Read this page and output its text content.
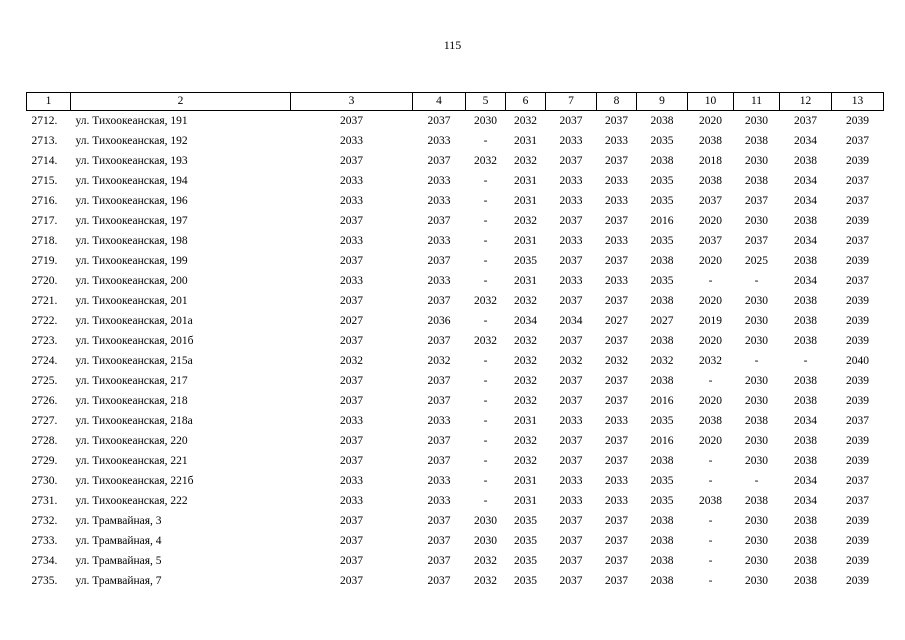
115
1	2	3	4	5	6	7	8	9	10	11	12	13
2712.	ул. Тихоокеанская, 191	2037	2037	2030	2032	2037	2037	2038	2020	2030	2037	2039
2713.	ул. Тихоокеанская, 192	2033	2033	-	2031	2033	2033	2035	2038	2038	2034	2037
2714.	ул. Тихоокеанская, 193	2037	2037	2032	2032	2037	2037	2038	2018	2030	2038	2039
2715.	ул. Тихоокеанская, 194	2033	2033	-	2031	2033	2033	2035	2038	2038	2034	2037
2716.	ул. Тихоокеанская, 196	2033	2033	-	2031	2033	2033	2035	2037	2037	2034	2037
2717.	ул. Тихоокеанская, 197	2037	2037	-	2032	2037	2037	2016	2020	2030	2038	2039
2718.	ул. Тихоокеанская, 198	2033	2033	-	2031	2033	2033	2035	2037	2037	2034	2037
2719.	ул. Тихоокеанская, 199	2037	2037	-	2035	2037	2037	2038	2020	2025	2038	2039
2720.	ул. Тихоокеанская, 200	2033	2033	-	2031	2033	2033	2035	-	-	2034	2037
2721.	ул. Тихоокеанская, 201	2037	2037	2032	2032	2037	2037	2038	2020	2030	2038	2039
2722.	ул. Тихоокеанская, 201а	2027	2036	-	2034	2034	2027	2027	2019	2030	2038	2039
2723.	ул. Тихоокеанская, 201б	2037	2037	2032	2032	2037	2037	2038	2020	2030	2038	2039
2724.	ул. Тихоокеанская, 215а	2032	2032	-	2032	2032	2032	2032	2032	-	-	2040
2725.	ул. Тихоокеанская, 217	2037	2037	-	2032	2037	2037	2038	-	2030	2038	2039
2726.	ул. Тихоокеанская, 218	2037	2037	-	2032	2037	2037	2016	2020	2030	2038	2039
2727.	ул. Тихоокеанская, 218а	2033	2033	-	2031	2033	2033	2035	2038	2038	2034	2037
2728.	ул. Тихоокеанская, 220	2037	2037	-	2032	2037	2037	2016	2020	2030	2038	2039
2729.	ул. Тихоокеанская, 221	2037	2037	-	2032	2037	2037	2038	-	2030	2038	2039
2730.	ул. Тихоокеанская, 221б	2033	2033	-	2031	2033	2033	2035	-	-	2034	2037
2731.	ул. Тихоокеанская, 222	2033	2033	-	2031	2033	2033	2035	2038	2038	2034	2037
2732.	ул. Трамвайная, 3	2037	2037	2030	2035	2037	2037	2038	-	2030	2038	2039
2733.	ул. Трамвайная, 4	2037	2037	2030	2035	2037	2037	2038	-	2030	2038	2039
2734.	ул. Трамвайная, 5	2037	2037	2032	2035	2037	2037	2038	-	2030	2038	2039
2735.	ул. Трамвайная, 7	2037	2037	2032	2035	2037	2037	2038	-	2030	2038	2039
